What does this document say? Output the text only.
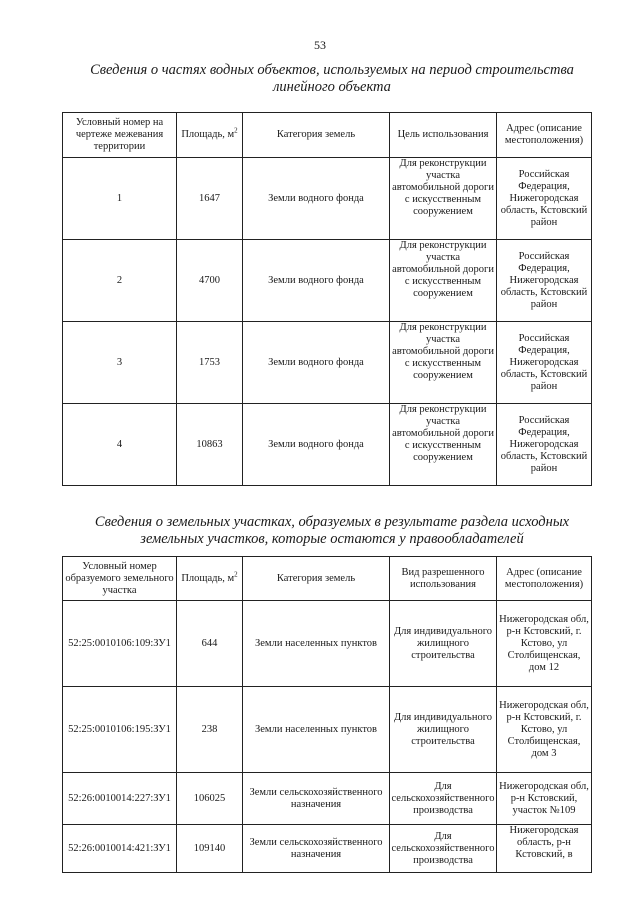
53
Сведения о частях водных объектов, используемых на период строительства
линейного объекта
Условный номер на чертеже межевания территории	Площадь, $м^2$	Категория земель	Цель использования	Адрес (описание местоположения)
1	1647	Земли водного фонда	Для реконструкции участка автомобильной дороги с искусственным сооружением	Российская Федерация, Нижегородская область, Кстовский район
2	4700	Земли водного фонда	Для реконструкции участка автомобильной дороги с искусственным сооружением	Российская Федерация, Нижегородская область, Кстовский район
3	1753	Земли водного фонда	Для реконструкции участка автомобильной дороги с искусственным сооружением	Российская Федерация, Нижегородская область, Кстовский район
4	10863	Земли водного фонда	Для реконструкции участка автомобильной дороги с искусственным сооружением	Российская Федерация, Нижегородская область, Кстовский район
Сведения о земельных участках, образуемых в результате раздела исходных
земельных участков, которые остаются у правообладателей
Условный номер образуемого земельного участка	Площадь, $м^2$	Категория земель	Вид разрешенного использования	Адрес (описание местоположения)
52:25:0010106:109:ЗУ1	644	Земли населенных пунктов	Для индивидуального жилищного строительства	Нижегородская обл, р-н Кстовский, г. Кстово, ул Столбищенская, дом 12
52:25:0010106:195:ЗУ1	238	Земли населенных пунктов	Для индивидуального жилищного строительства	Нижегородская обл, р-н Кстовский, г. Кстово, ул Столбищенская, дом 3
52:26:0010014:227:ЗУ1	106025	Земли сельскохозяйственного назначения	Для сельскохозяйственного производства	Нижегородская обл, р-н Кстовский, участок №109
52:26:0010014:421:ЗУ1	109140	Земли сельскохозяйственного назначения	Для сельскохозяйственного производства	Нижегородская область, р-н Кстовский, в
